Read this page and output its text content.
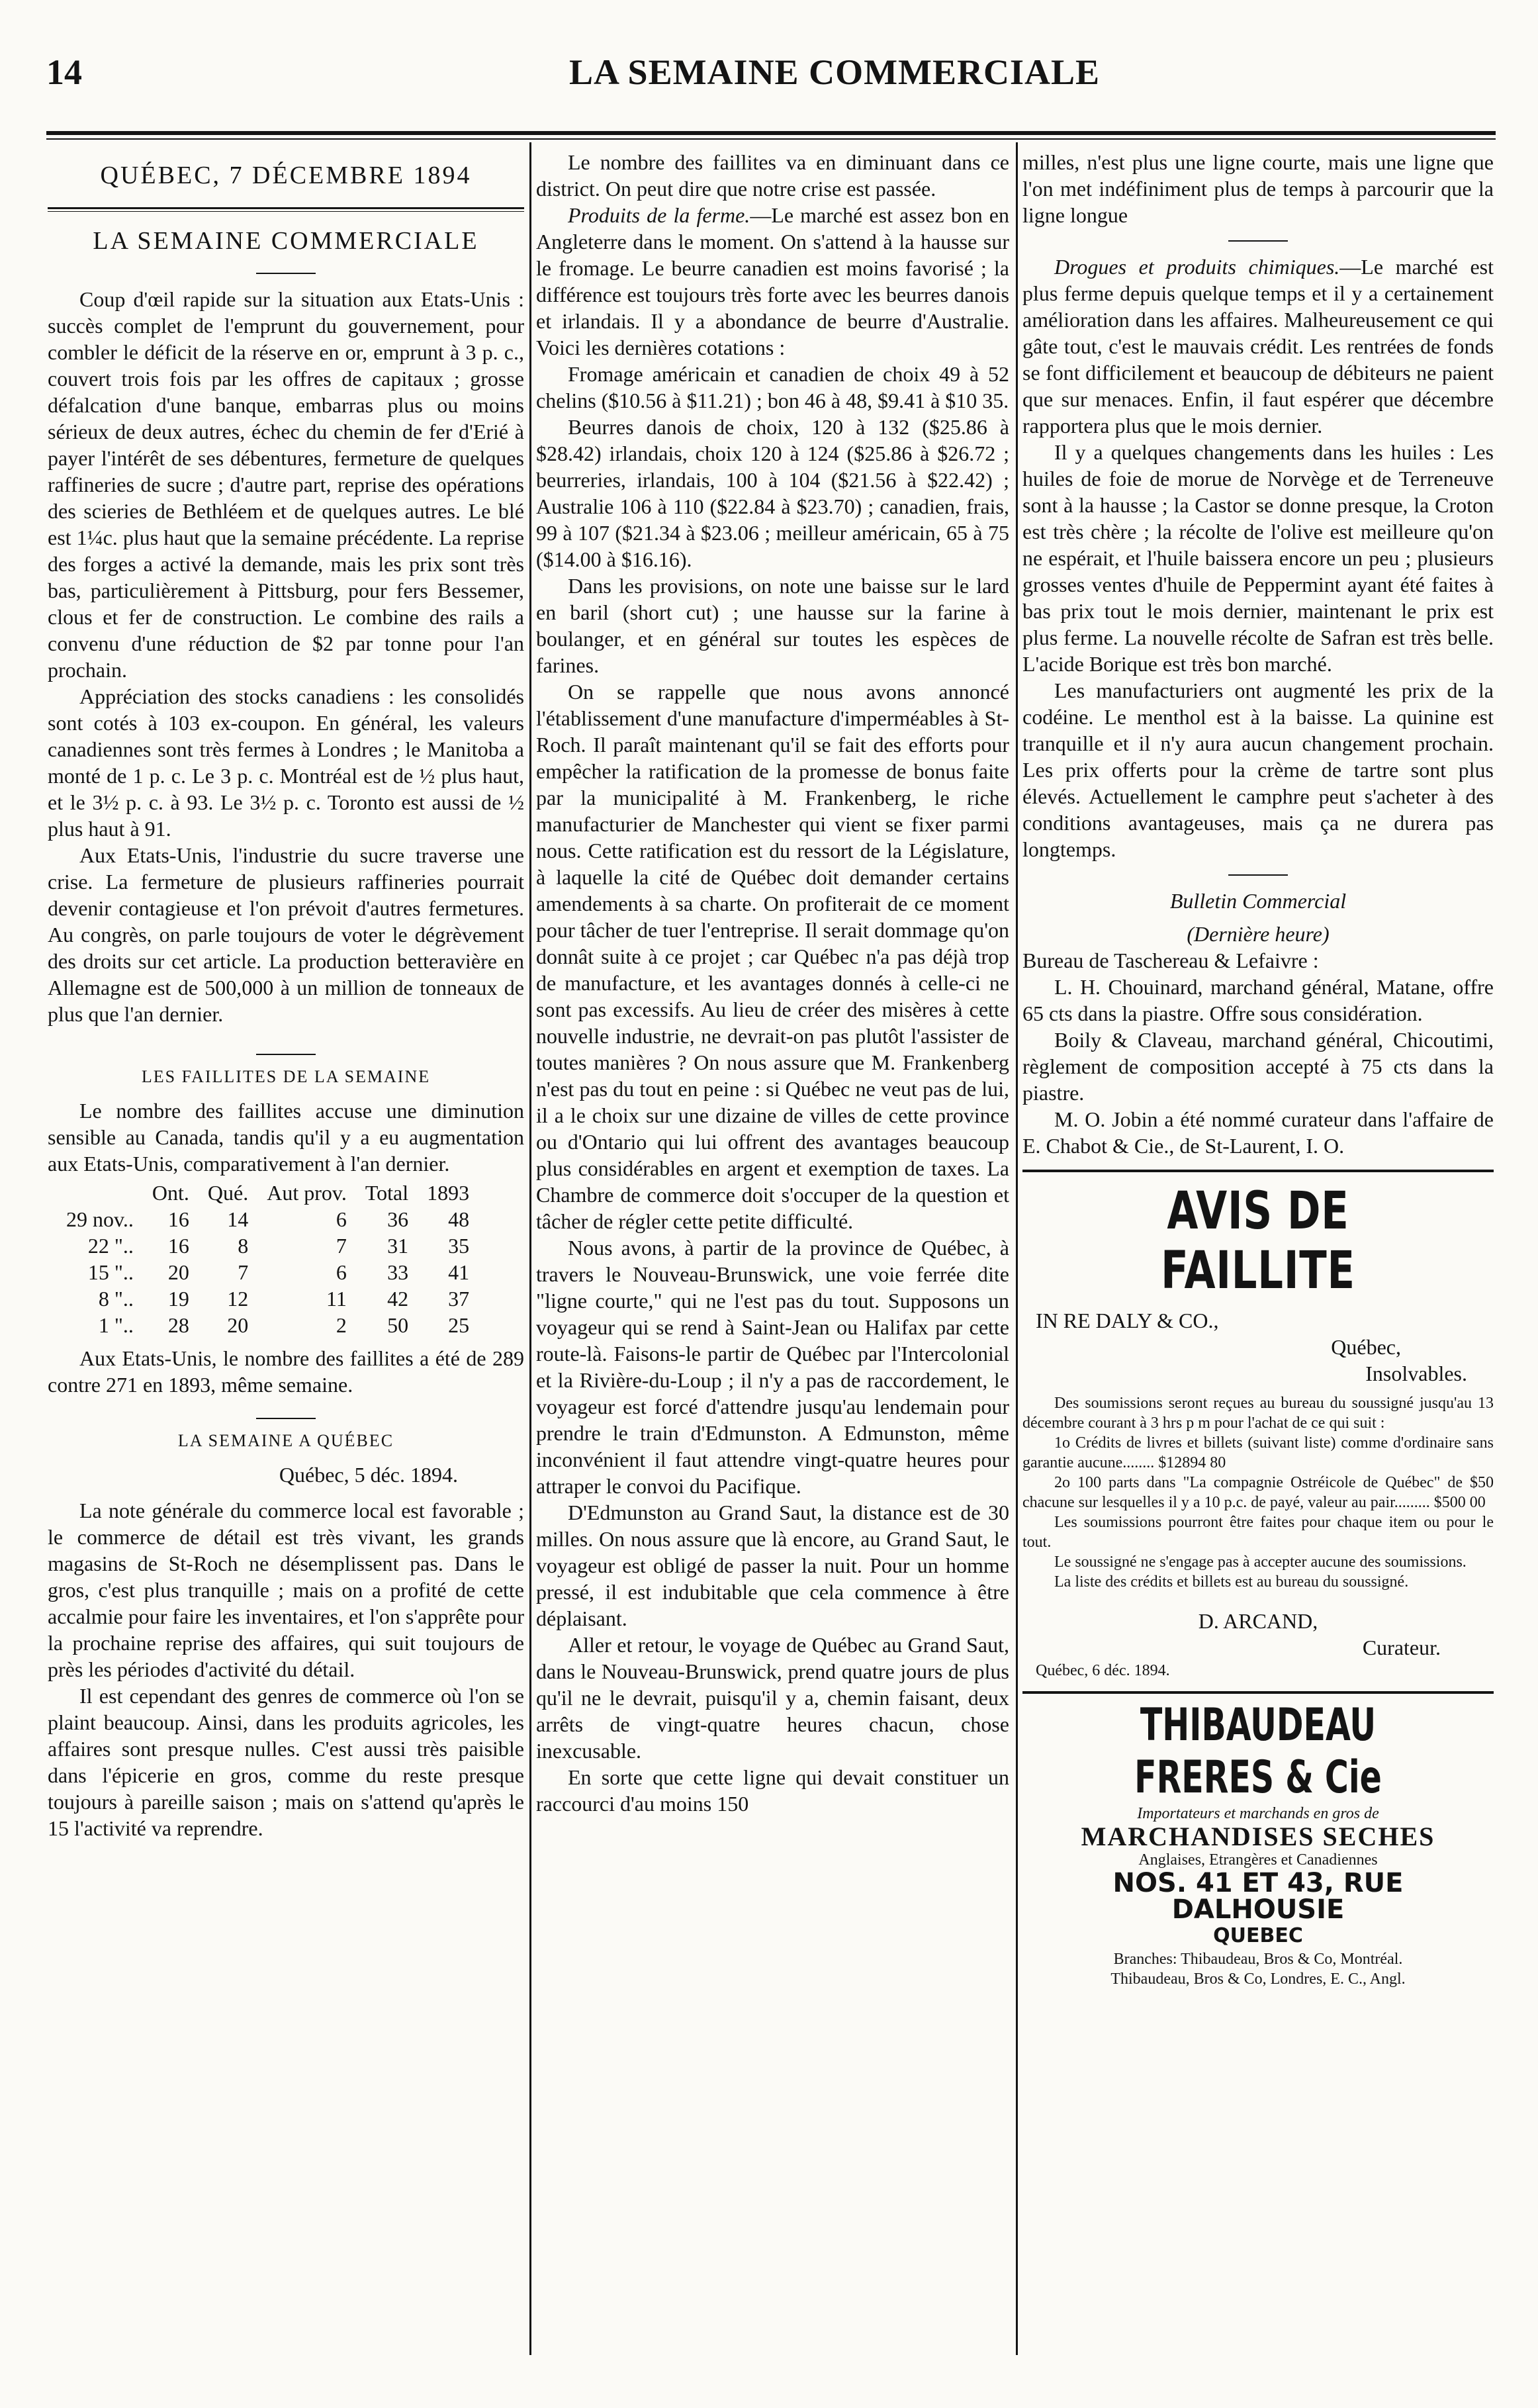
14	LA SEMAINE COMMERCIALE
QUÉBEC, 7 DÉCEMBRE 1894
LA SEMAINE COMMERCIALE

Coup d'œil rapide sur la situation aux Etats-Unis : succès complet de l'emprunt du gouvernement, pour combler le déficit de la réserve en or, emprunt à 3 p. c., couvert trois fois par les offres de capitaux ; grosse défalcation d'une banque, embarras plus ou moins sérieux de deux autres, échec du chemin de fer d'Erié à payer l'intérêt de ses débentures, fermeture de quelques raffineries de sucre ; d'autre part, reprise des opérations des scieries de Bethléem et de quelques autres. Le blé est 1¼c. plus haut que la semaine précédente. La reprise des forges a activé la demande, mais les prix sont très bas, particulièrement à Pittsburg, pour fers Bessemer, clous et fer de construction. Le combine des rails a convenu d'une réduction de $2 par tonne pour l'an prochain.

Appréciation des stocks canadiens : les consolidés sont cotés à 103 ex-coupon. En général, les valeurs canadiennes sont très fermes à Londres ; le Manitoba a monté de 1 p. c. Le 3 p. c. Montréal est de ½ plus haut, et le 3½ p. c. à 93. Le 3½ p. c. Toronto est aussi de ½ plus haut à 91.

Aux Etats-Unis, l'industrie du sucre traverse une crise. La fermeture de plusieurs raffineries pourrait devenir contagieuse et l'on prévoit d'autres fermetures. Au congrès, on parle toujours de voter le dégrèvement des droits sur cet article. La production betteravière en Allemagne est de 500,000 à un million de tonneaux de plus que l'an dernier.

LES FAILLITES DE LA SEMAINE

Le nombre des faillites accuse une diminution sensible au Canada, tandis qu'il y a eu augmentation aux Etats-Unis, comparativement à l'an dernier.

	Ont.	Qué.	Aut prov.	Total	1893
29 nov..	16	14	6	36	48
22 "..	16	8	7	31	35
15 "..	20	7	6	33	41
8 "..	19	12	11	42	37
1 "..	28	20	2	50	25

Aux Etats-Unis, le nombre des faillites a été de 289 contre 271 en 1893, même semaine.

LA SEMAINE A QUÉBEC

Québec, 5 déc. 1894.

La note générale du commerce local est favorable ; le commerce de détail est très vivant, les grands magasins de St-Roch ne désemplissent pas. Dans le gros, c'est plus tranquille ; mais on a profité de cette accalmie pour faire les inventaires, et l'on s'apprête pour la prochaine reprise des affaires, qui suit toujours de près les périodes d'activité du détail.

Il est cependant des genres de commerce où l'on se plaint beaucoup. Ainsi, dans les produits agricoles, les affaires sont presque nulles. C'est aussi très paisible dans l'épicerie en gros, comme du reste presque toujours à pareille saison ; mais on s'attend qu'après le 15 l'activité va reprendre.

Le nombre des faillites va en diminuant dans ce district. On peut dire que notre crise est passée.

Produits de la ferme.—Le marché est assez bon en Angleterre dans le moment. On s'attend à la hausse sur le fromage. Le beurre canadien est moins favorisé ; la différence est toujours très forte avec les beurres danois et irlandais. Il y a abondance de beurre d'Australie. Voici les dernières cotations :

Fromage américain et canadien de choix 49 à 52 chelins ($10.56 à $11.21) ; bon 46 à 48, $9.41 à $10 35.

Beurres danois de choix, 120 à 132 ($25.86 à $28.42) irlandais, choix 120 à 124 ($25.86 à $26.72 ; beurreries, irlandais, 100 à 104 ($21.56 à $22.42) ; Australie 106 à 110 ($22.84 à $23.70) ; canadien, frais, 99 à 107 ($21.34 à $23.06 ; meilleur américain, 65 à 75 ($14.00 à $16.16).

Dans les provisions, on note une baisse sur le lard en baril (short cut) ; une hausse sur la farine à boulanger, et en général sur toutes les espèces de farines.

On se rappelle que nous avons annoncé l'établissement d'une manufacture d'imperméables à St-Roch. Il paraît maintenant qu'il se fait des efforts pour empêcher la ratification de la promesse de bonus faite par la municipalité à M. Frankenberg, le riche manufacturier de Manchester qui vient se fixer parmi nous. Cette ratification est du ressort de la Législature, à laquelle la cité de Québec doit demander certains amendements à sa charte. On profiterait de ce moment pour tâcher de tuer l'entreprise. Il serait dommage qu'on donnât suite à ce projet ; car Québec n'a pas déjà trop de manufacture, et les avantages donnés à celle-ci ne sont pas excessifs. Au lieu de créer des misères à cette nouvelle industrie, ne devrait-on pas plutôt l'assister de toutes manières ? On nous assure que M. Frankenberg n'est pas du tout en peine : si Québec ne veut pas de lui, il a le choix sur une dizaine de villes de cette province ou d'Ontario qui lui offrent des avantages beaucoup plus considérables en argent et exemption de taxes. La Chambre de commerce doit s'occuper de la question et tâcher de régler cette petite difficulté.

Nous avons, à partir de la province de Québec, à travers le Nouveau-Brunswick, une voie ferrée dite "ligne courte," qui ne l'est pas du tout. Supposons un voyageur qui se rend à Saint-Jean ou Halifax par cette route-là. Faisons-le partir de Québec par l'Intercolonial et la Rivière-du-Loup ; il n'y a pas de raccordement, le voyageur est forcé d'attendre jusqu'au lendemain pour prendre le train d'Edmunston. A Edmunston, même inconvénient il faut attendre vingt-quatre heures pour attraper le convoi du Pacifique.

D'Edmunston au Grand Saut, la distance est de 30 milles. On nous assure que là encore, au Grand Saut, le voyageur est obligé de passer la nuit. Pour un homme pressé, il est indubitable que cela commence à être déplaisant.

Aller et retour, le voyage de Québec au Grand Saut, dans le Nouveau-Brunswick, prend quatre jours de plus qu'il ne le devrait, puisqu'il y a, chemin faisant, deux arrêts de vingt-quatre heures chacun, chose inexcusable.

En sorte que cette ligne qui devait constituer un raccourci d'au moins 150

milles, n'est plus une ligne courte, mais une ligne que l'on met indéfiniment plus de temps à parcourir que la ligne longue

Drogues et produits chimiques.—Le marché est plus ferme depuis quelque temps et il y a certainement amélioration dans les affaires. Malheureusement ce qui gâte tout, c'est le mauvais crédit. Les rentrées de fonds se font difficilement et beaucoup de débiteurs ne paient que sur menaces. Enfin, il faut espérer que décembre rapportera plus que le mois dernier.

Il y a quelques changements dans les huiles : Les huiles de foie de morue de Norvège et de Terreneuve sont à la hausse ; la Castor se donne presque, la Croton est très chère ; la récolte de l'olive est meilleure qu'on ne espérait, et l'huile baissera encore un peu ; plusieurs grosses ventes d'huile de Peppermint ayant été faites à bas prix tout le mois dernier, maintenant le prix est plus ferme. La nouvelle récolte de Safran est très belle. L'acide Borique est très bon marché.

Les manufacturiers ont augmenté les prix de la codéine. Le menthol est à la baisse. La quinine est tranquille et il n'y aura aucun changement prochain. Les prix offerts pour la crème de tartre sont plus élevés. Actuellement le camphre peut s'acheter à des conditions avantageuses, mais ça ne durera pas longtemps.

Bulletin Commercial

(Dernière heure)

Bureau de Taschereau & Lefaivre :

L. H. Chouinard, marchand général, Matane, offre 65 cts dans la piastre. Offre sous considération.

Boily & Claveau, marchand général, Chicoutimi, règlement de composition accepté à 75 cts dans la piastre.

M. O. Jobin a été nommé curateur dans l'affaire de E. Chabot & Cie., de St-Laurent, I. O.

AVIS DE FAILLITE

IN RE DALY & CO.,

Québec,

Insolvables.

Des soumissions seront reçues au bureau du soussigné jusqu'au 13 décembre courant à 3 hrs p m pour l'achat de ce qui suit :

1o Crédits de livres et billets (suivant liste) comme d'ordinaire sans garantie aucune........ $12894 80

2o 100 parts dans "La compagnie Ostréicole de Québec" de $50 chacune sur lesquelles il y a 10 p.c. de payé, valeur au pair......... $500 00

Les soumissions pourront être faites pour chaque item ou pour le tout.

Le soussigné ne s'engage pas à accepter aucune des soumissions.

La liste des crédits et billets est au bureau du soussigné.

D. ARCAND,

Curateur.

Québec, 6 déc. 1894.

THIBAUDEAU FRERES & Cie

Importateurs et marchands en gros de

MARCHANDISES SECHES

Anglaises, Etrangères et Canadiennes

NOS. 41 ET 43, RUE DALHOUSIE

QUEBEC

Branches: Thibaudeau, Bros & Co, Montréal.

Thibaudeau, Bros & Co, Londres, E. C., Angl.
